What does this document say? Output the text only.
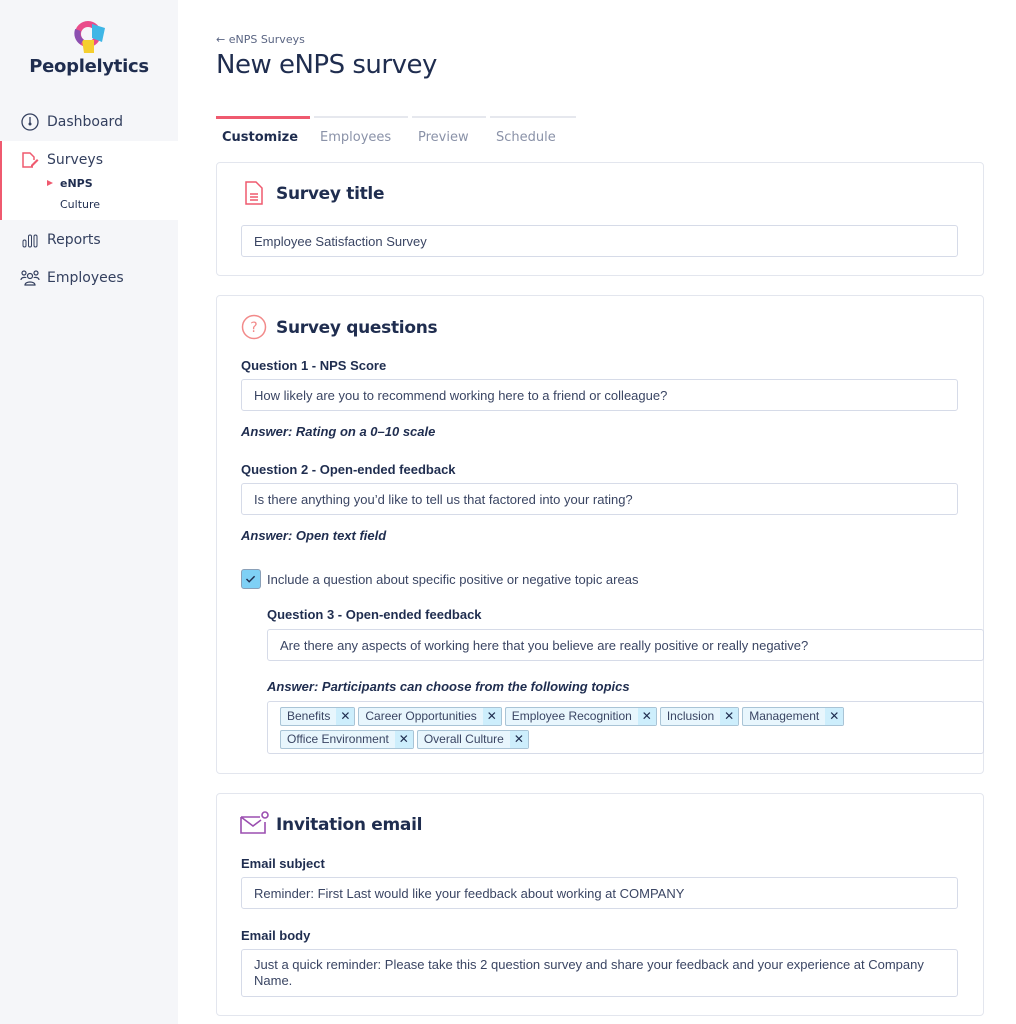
Peoplelytics
Dashboard
Surveys
eNPS
Culture
Reports
Employees
← eNPS Surveys
New eNPS survey
Customize	Employees	Preview	Schedule
Survey title
Employee Satisfaction Survey
? Survey questions
Question 1 - NPS Score
How likely are you to recommend working here to a friend or colleague?
Answer: Rating on a 0–10 scale
Question 2 - Open-ended feedback
Is there anything you’d like to tell us that factored into your rating?
Answer: Open text field
Include a question about specific positive or negative topic areas
Question 3 - Open-ended feedback
Are there any aspects of working here that you believe are really positive or really negative?
Answer: Participants can choose from the following topics
Benefits ✕	Career Opportunities ✕	Employee Recognition ✕	Inclusion ✕	Management ✕
Office Environment ✕	Overall Culture ✕
Invitation email
Email subject
Reminder: First Last would like your feedback about working at COMPANY
Email body
Just a quick reminder: Please take this 2 question survey and share your feedback and your experience at Company Name.
